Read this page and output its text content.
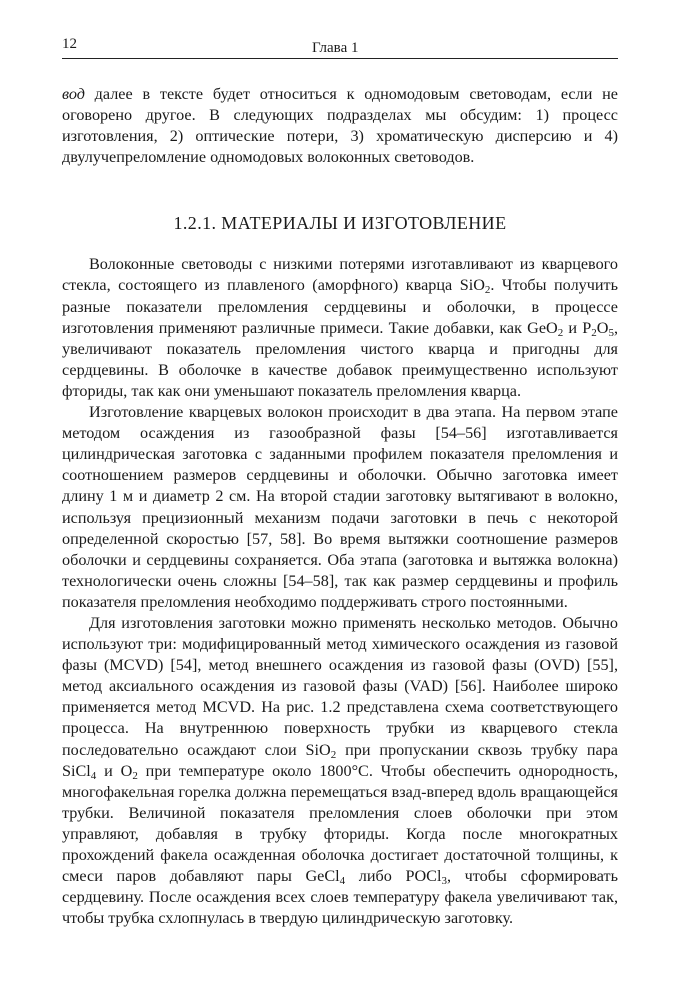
12	Глава 1

вод далее в тексте будет относиться к одномодовым световодам, если не оговорено другое. В следующих подразделах мы обсудим: 1) процесс изготовления, 2) оптические потери, 3) хроматическую дисперсию и 4) двулучепреломление одномодовых волоконных световодов.

1.2.1. МАТЕРИАЛЫ И ИЗГОТОВЛЕНИЕ

Волоконные световоды с низкими потерями изготавливают из кварцевого стекла, состоящего из плавленого (аморфного) кварца SiO$_2$. Чтобы получить разные показатели преломления сердцевины и оболочки, в процессе изготовления применяют различные примеси. Такие добавки, как GeO$_2$ и $P_2O_5$, увеличивают показатель преломления чистого кварца и пригодны для сердцевины. В оболочке в качестве добавок преимущественно используют фториды, так как они уменьшают показатель преломления кварца.

Изготовление кварцевых волокон происходит в два этапа. На первом этапе методом осаждения из газообразной фазы [54–56] изготавливается цилиндрическая заготовка с заданными профилем показателя преломления и соотношением размеров сердцевины и оболочки. Обычно заготовка имеет длину 1 м и диаметр 2 см. На второй стадии заготовку вытягивают в волокно, используя прецизионный механизм подачи заготовки в печь с некоторой определенной скоростью [57, 58]. Во время вытяжки соотношение размеров оболочки и сердцевины сохраняется. Оба этапа (заготовка и вытяжка волокна) технологически очень сложны [54–58], так как размер сердцевины и профиль показателя преломления необходимо поддерживать строго постоянными.

Для изготовления заготовки можно применять несколько методов. Обычно используют три: модифицированный метод химического осаждения из газовой фазы (MCVD) [54], метод внешнего осаждения из газовой фазы (OVD) [55], метод аксиального осаждения из газовой фазы (VAD) [56]. Наиболее широко применяется метод MCVD. На рис. 1.2 представлена схема соответствующего процесса. На внутреннюю поверхность трубки из кварцевого стекла последовательно осаждают слои SiO$_2$ при пропускании сквозь трубку пара SiCl$_4$ и $O_2$ при температуре около 1800°С. Чтобы обеспечить однородность, многофакельная горелка должна перемещаться взад-вперед вдоль вращающейся трубки. Величиной показателя преломления слоев оболочки при этом управляют, добавляя в трубку фториды. Когда после многократных прохождений факела осажденная оболочка достигает достаточной толщины, к смеси паров добавляют пары GeCl$_4$ либо POCl$_3$, чтобы сформировать сердцевину. После осаждения всех слоев температуру факела увеличивают так, чтобы трубка схлопнулась в твердую цилиндрическую заготовку.
